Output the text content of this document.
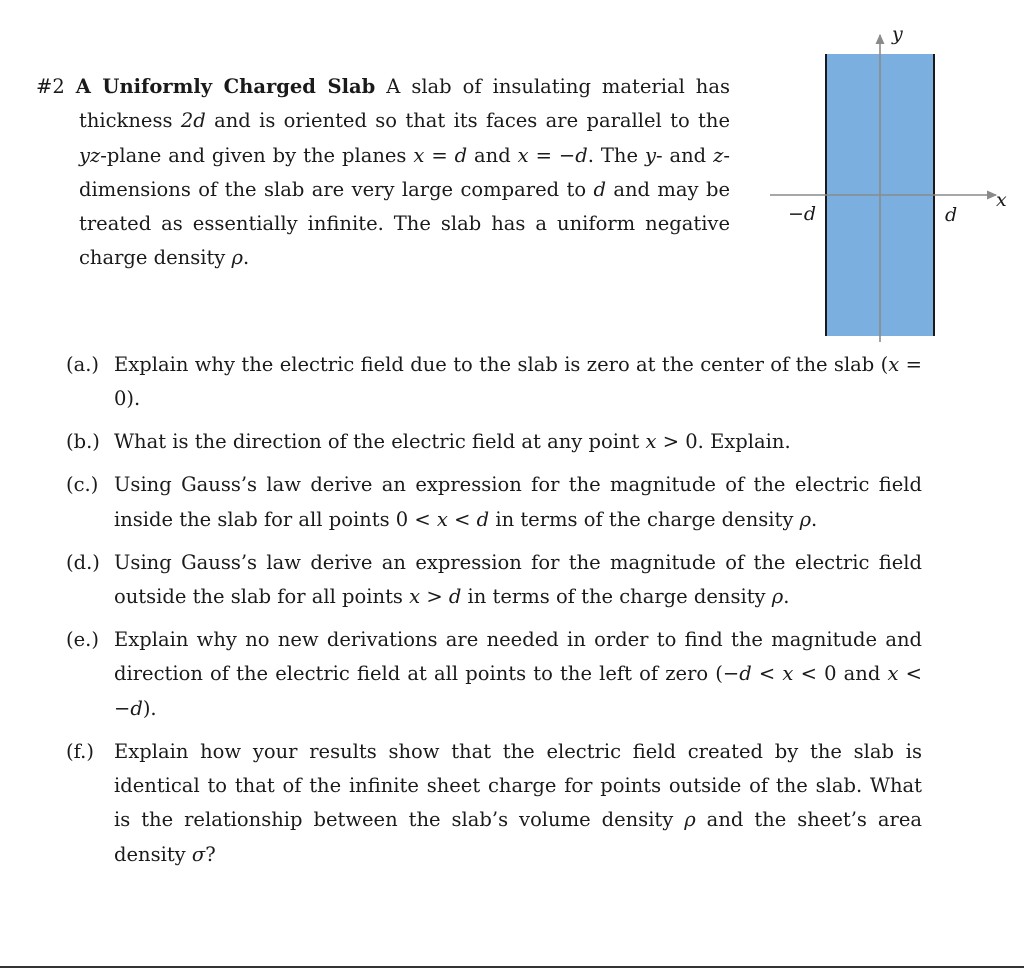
#2 A Uniformly Charged Slab A slab of insulating material has thickness 2d and is oriented so that its faces are parallel to the yz-plane and given by the planes x = d and x = −d. The y- and z-dimensions of the slab are very large compared to d and may be treated as essentially infinite. The slab has a uniform negative charge density ρ.

y
x
−d	d
(a.) Explain why the electric field due to the slab is zero at the center of the slab (x = 0).
(b.) What is the direction of the electric field at any point x > 0. Explain.
(c.) Using Gauss’s law derive an expression for the magnitude of the electric field inside the slab for all points 0 < x < d in terms of the charge density ρ.
(d.) Using Gauss’s law derive an expression for the magnitude of the electric field outside the slab for all points x > d in terms of the charge density ρ.
(e.) Explain why no new derivations are needed in order to find the magnitude and direction of the electric field at all points to the left of zero (−d < x < 0 and x < −d).
(f.)	Explain how your results show that the electric field created by the slab is identical to that of the infinite sheet charge for points outside of the slab. What is the relationship between the slab’s volume density ρ and the sheet’s area density σ?
